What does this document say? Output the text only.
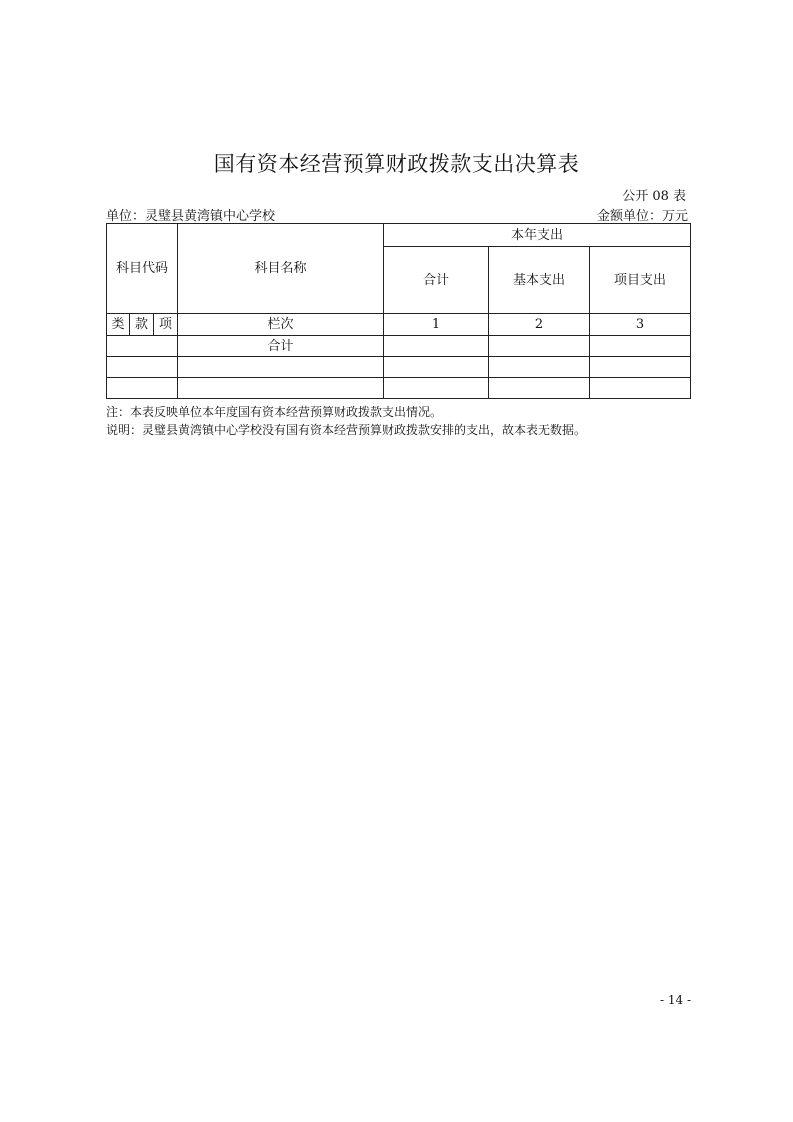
国有资本经营预算财政拨款支出决算表
公开 08 表
单位：灵璧县黄湾镇中心学校	金额单位：万元
科目代码			科目名称	本年支出		
				合计	基本支出	项目支出
类	款	项	栏次	1	2	3
			合计			

注：本表反映单位本年度国有资本经营预算财政拨款支出情况。
说明：灵璧县黄湾镇中心学校没有国有资本经营预算财政拨款安排的支出，故本表无数据。
- 14 -
